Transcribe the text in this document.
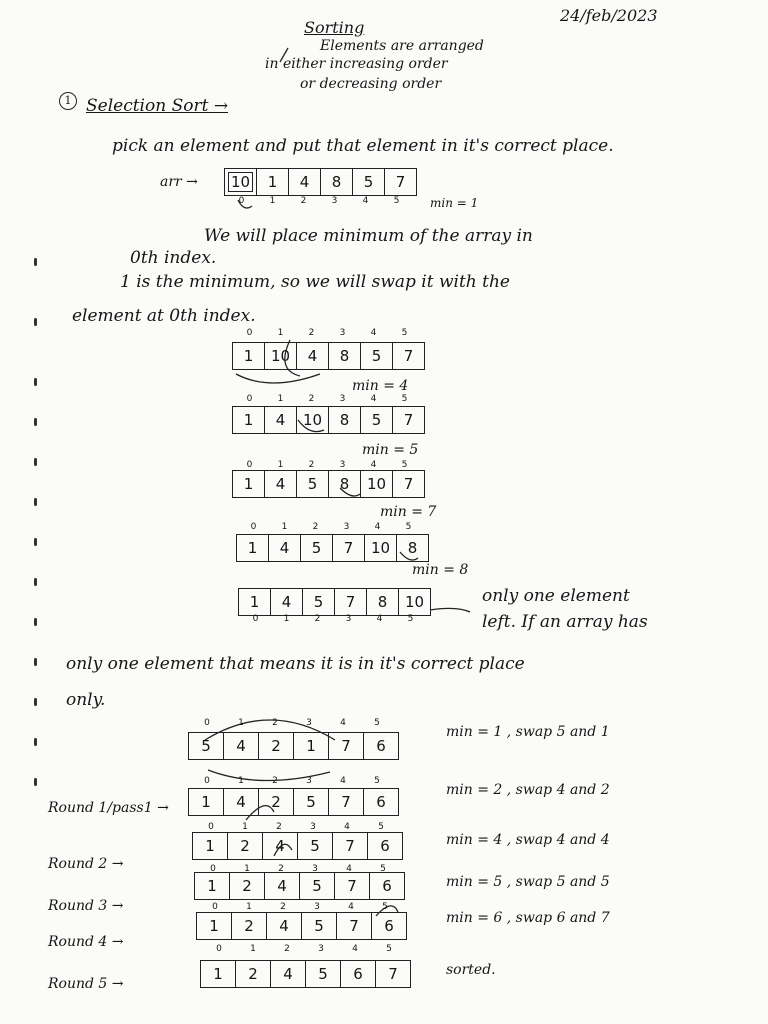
Sorting
24/feb/2023
Elements are arranged
in either increasing order
or decreasing order
1 Selection Sort →
pick an element and put that element in it's correct place.
arr → 10	1	4	8	5	7
0	1	2	3	4	5	min = 1
We will place minimum of the array in
0th index.
1 is the minimum, so we will swap it with the
element at 0th index.
1	10	4	8	5	7
0	1	2	3	4	5
min = 4
1	4	10	8	5	7
0	1	2	3	4	5
min = 5
1	4	5	8	10	7
0	1	2	3	4	5
min = 7
1	4	5	7	10	8
0	1	2	3	4	5
min = 8
1	4	5	7	8	10
0	1	2	3	4	5
only one element
left. If an array has
only one element that means it is in it's correct place
only.
5	4	2	1	7	6
0	1	2	3	4	5
min = 1 , swap 5 and 1
Round 1/pass1 →	1	4	2	5	7	6
0	1	2	3	4	5
min = 2 , swap 4 and 2
Round 2 →
1	2	4	5	7	6
0	1	2	3	4	5
min = 4 , swap 4 and 4
Round 3 →
1	2	4	5	7	6
0	1	2	3	4	5
min = 5 , swap 5 and 5
Round 4 →
1	2	4	5	7	6
0	1	2	3	4	5
min = 6 , swap 6 and 7
Round 5 →
1	2	4	5	6	7
0	1	2	3	4	5
sorted.
